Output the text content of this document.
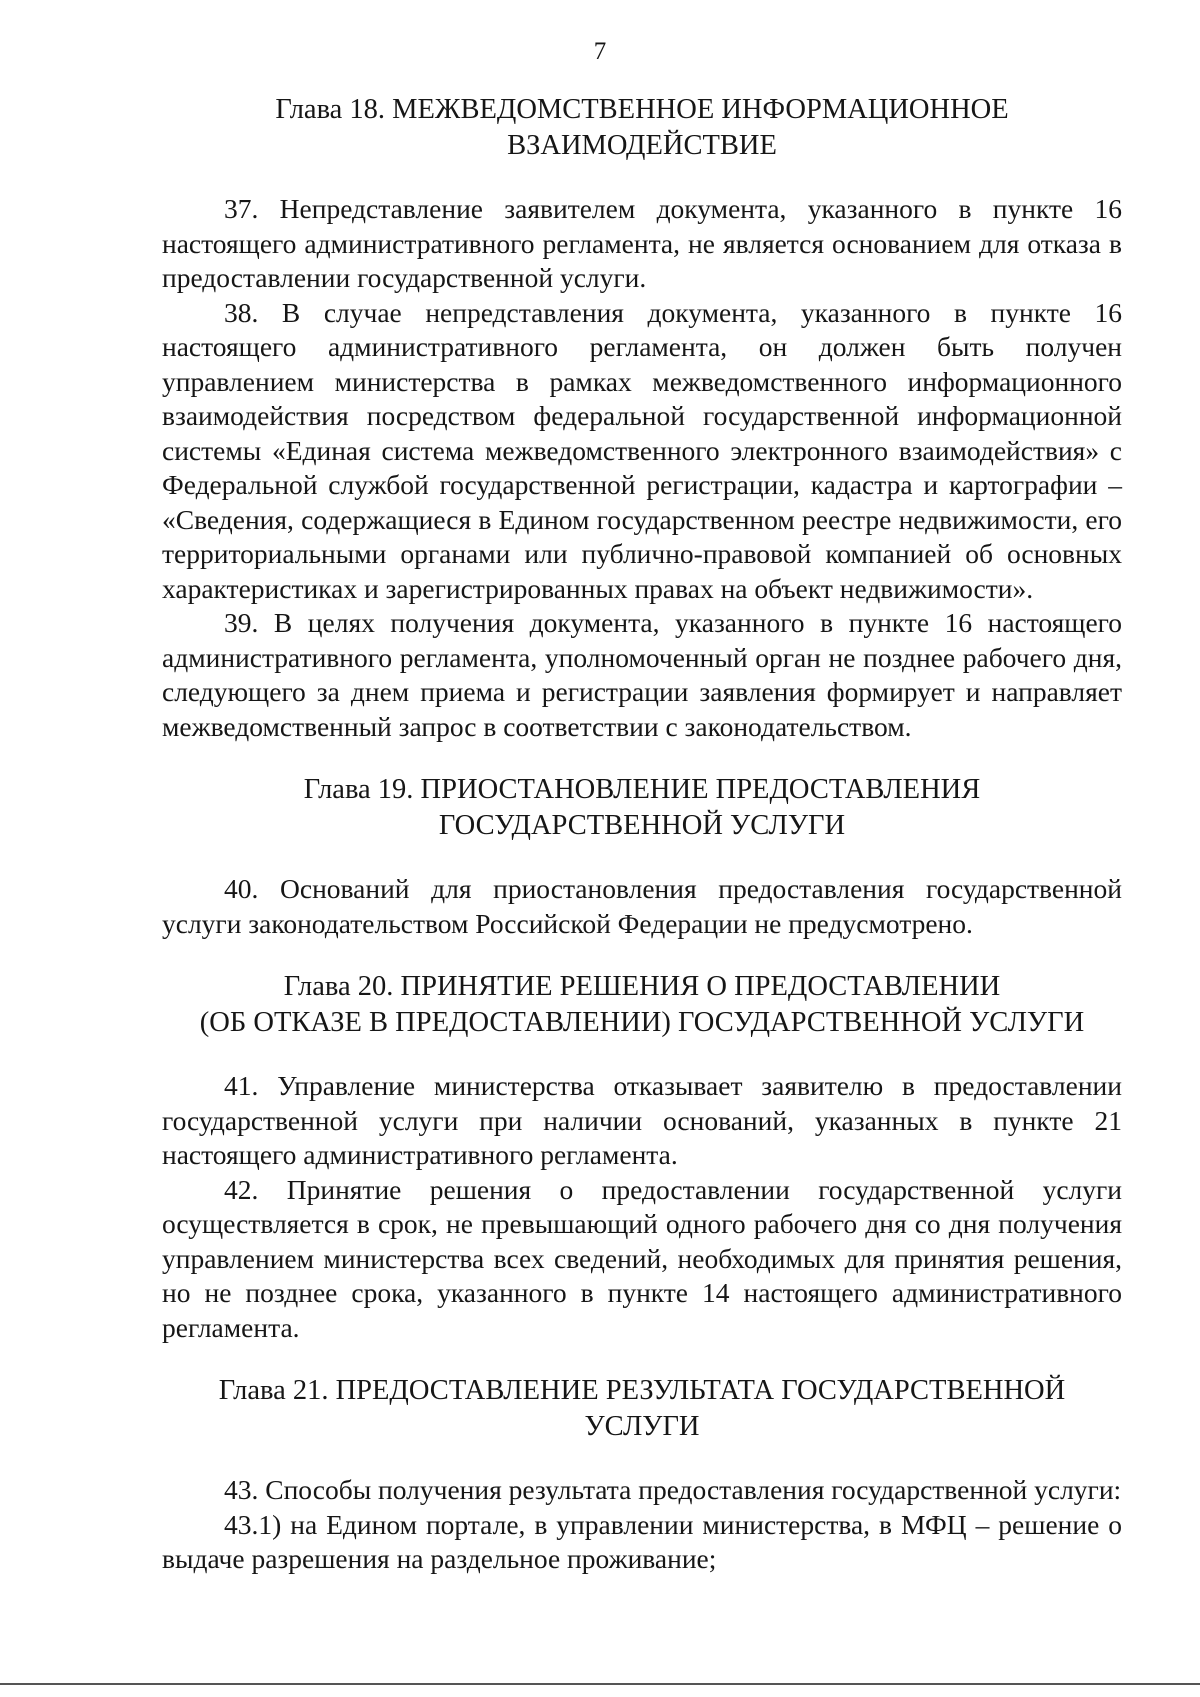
7
Глава 18. МЕЖВЕДОМСТВЕННОЕ ИНФОРМАЦИОННОЕ
ВЗАИМОДЕЙСТВИЕ

37. Непредставление заявителем документа, указанного в пункте 16 настоящего административного регламента, не является основанием для отказа в предоставлении государственной услуги.

38. В случае непредставления документа, указанного в пункте 16 настоящего административного регламента, он должен быть получен управлением министерства в рамках межведомственного информационного взаимодействия посредством федеральной государственной информационной системы «Единая система межведомственного электронного взаимодействия» с Федеральной службой государственной регистрации, кадастра и картографии – «Сведения, содержащиеся в Едином государственном реестре недвижимости, его территориальными органами или публично-правовой компанией об основных характеристиках и зарегистрированных правах на объект недвижимости».

39. В целях получения документа, указанного в пункте 16 настоящего административного регламента, уполномоченный орган не позднее рабочего дня, следующего за днем приема и регистрации заявления формирует и направляет межведомственный запрос в соответствии с законодательством.

Глава 19. ПРИОСТАНОВЛЕНИЕ ПРЕДОСТАВЛЕНИЯ
ГОСУДАРСТВЕННОЙ УСЛУГИ

40. Оснований для приостановления предоставления государственной услуги законодательством Российской Федерации не предусмотрено.

Глава 20. ПРИНЯТИЕ РЕШЕНИЯ О ПРЕДОСТАВЛЕНИИ
(ОБ ОТКАЗЕ В ПРЕДОСТАВЛЕНИИ) ГОСУДАРСТВЕННОЙ УСЛУГИ

41. Управление министерства отказывает заявителю в предоставлении государственной услуги при наличии оснований, указанных в пункте 21 настоящего административного регламента.

42. Принятие решения о предоставлении государственной услуги осуществляется в срок, не превышающий одного рабочего дня со дня получения управлением министерства всех сведений, необходимых для принятия решения, но не позднее срока, указанного в пункте 14 настоящего административного регламента.

Глава 21. ПРЕДОСТАВЛЕНИЕ РЕЗУЛЬТАТА ГОСУДАРСТВЕННОЙ
УСЛУГИ

43. Способы получения результата предоставления государственной услуги:

43.1) на Едином портале, в управлении министерства, в МФЦ – решение о выдаче разрешения на раздельное проживание;
